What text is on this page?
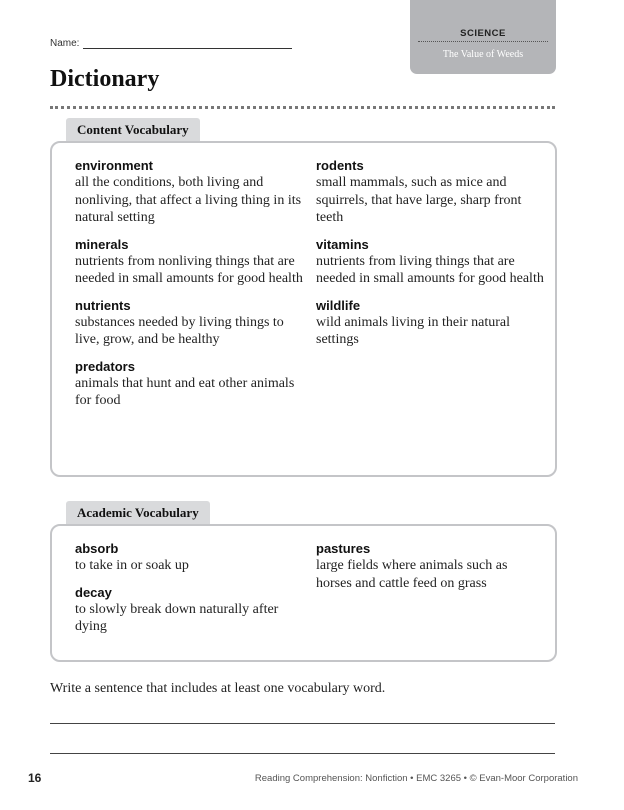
Name:
SCIENCE
The Value of Weeds
Dictionary
Content Vocabulary
environment
all the conditions, both living and nonliving, that affect a living thing in its natural setting
minerals
nutrients from nonliving things that are needed in small amounts for good health
nutrients
substances needed by living things to live, grow, and be healthy
predators
animals that hunt and eat other animals for food
rodents
small mammals, such as mice and squirrels, that have large, sharp front teeth
vitamins
nutrients from living things that are needed in small amounts for good health
wildlife
wild animals living in their natural settings
Academic Vocabulary
absorb
to take in or soak up
decay
to slowly break down naturally after dying
pastures
large fields where animals such as horses and cattle feed on grass
Write a sentence that includes at least one vocabulary word.
16	Reading Comprehension: Nonfiction • EMC 3265 • © Evan-Moor Corporation
